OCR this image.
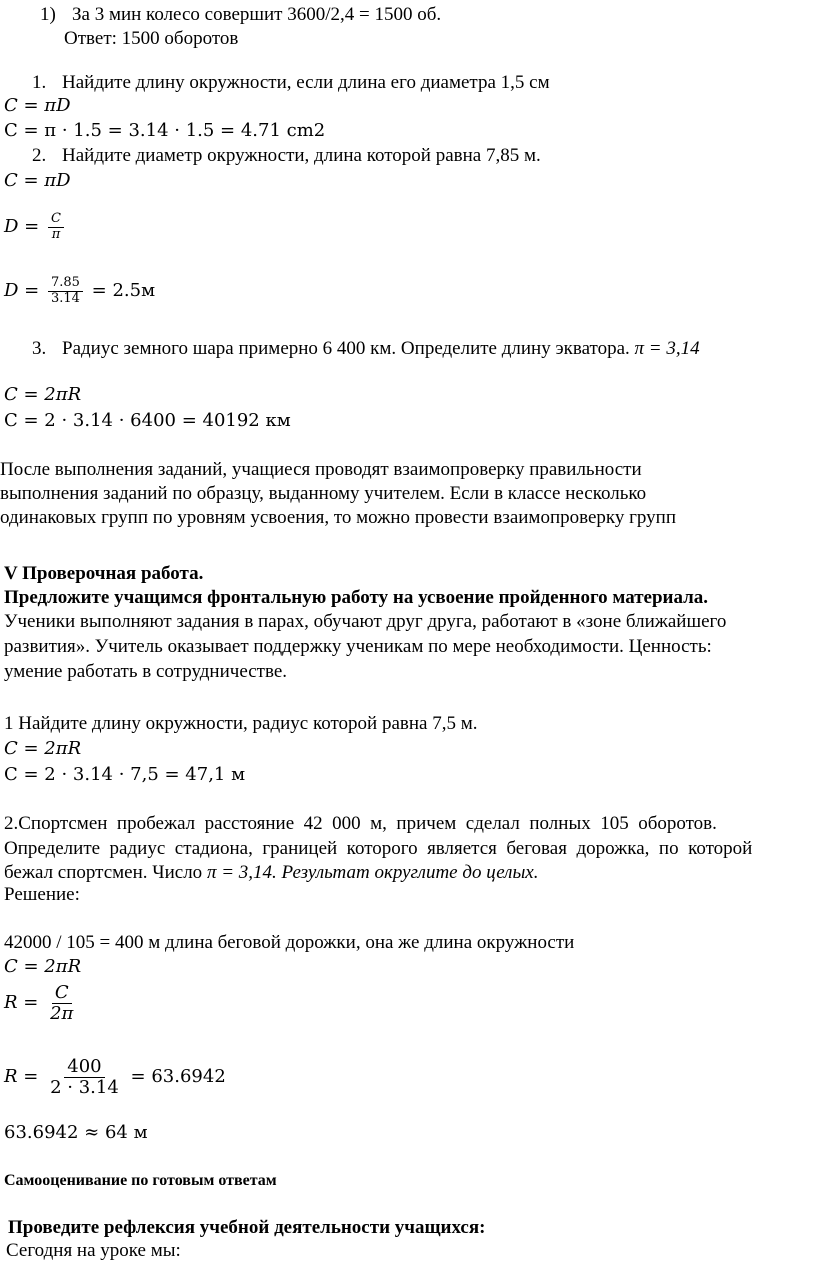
1) За 3 мин колесо совершит 3600/2,4 = 1500 об.
Ответ: 1500 оборотов
1. Найдите длину окружности, если длина его диаметра 1,5 см
C = πD
C = π · 1.5 = 3.14 · 1.5 = 4.71 cm2
2. Найдите диаметр окружности, длина которой равна 7,85 м.
C = πD
$D = \frac{C}{\pi}$
$D = \frac{7.85}{3.14} = 2.5м$
3. Радиус земного шара примерно 6 400 км. Определите длину экватора. π = 3,14
C = 2πR
C = 2 · 3.14 · 6400 = 40192 км
После выполнения заданий, учащиеся проводят взаимопроверку правильности
выполнения заданий по образцу, выданному учителем. Если в классе несколько
одинаковых групп по уровням усвоения, то можно провести взаимопроверку групп
V Проверочная работа.
Предложите учащимся фронтальную работу на усвоение пройденного материала.
Ученики выполняют задания в парах, обучают друг друга, работают в «зоне ближайшего
развития». Учитель оказывает поддержку ученикам по мере необходимости. Ценность:
умение работать в сотрудничестве.
1 Найдите длину окружности, радиус которой равна 7,5 м.
C = 2πR
C = 2 · 3.14 · 7,5 = 47,1 м
2.Спортсмен  пробежал  расстояние  42  000  м,  причем  сделал  полных  105  оборотов.
Определите  радиус  стадиона,  границей  которого  является  беговая  дорожка,  по  которой
бежал спортсмен. Число π = 3,14. Результат округлите до целых.
Решение:
42000 / 105 = 400 м длина беговой дорожки, она же длина окружности
C = 2πR
$R = \frac{C}{2\pi}$
$R = \frac{400}{2 \cdot 3.14} = 63.6942$
63.6942 ≈ 64 м
Самооценивание по готовым ответам
Проведите рефлексия учебной деятельности учащихся:
Сегодня на уроке мы:
